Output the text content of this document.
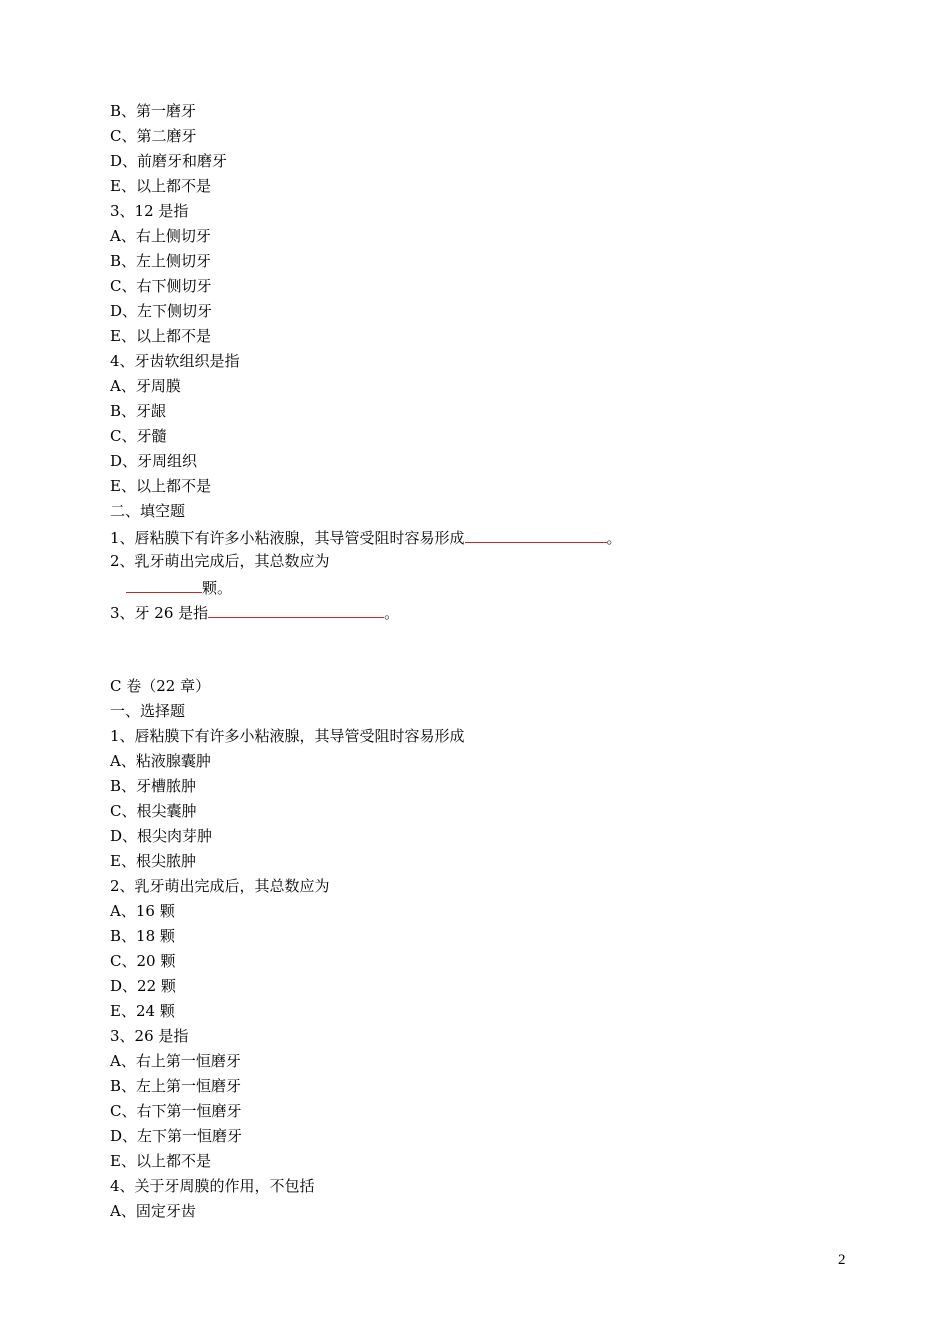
B、第一磨牙
C、第二磨牙
D、前磨牙和磨牙
E、以上都不是
3、12 是指
A、右上侧切牙
B、左上侧切牙
C、右下侧切牙
D、左下侧切牙
E、以上都不是
4、牙齿软组织是指
A、牙周膜
B、牙龈
C、牙髓
D、牙周组织
E、以上都不是
二、填空题
1、唇粘膜下有许多小粘液腺，其导管受阻时容易形成	。
2、乳牙萌出完成后，其总数应为
颗。
3、牙 26 是指	。
C 卷（22 章）
一、选择题
1、唇粘膜下有许多小粘液腺，其导管受阻时容易形成
A、粘液腺囊肿
B、牙槽脓肿
C、根尖囊肿
D、根尖肉芽肿
E、根尖脓肿
2、乳牙萌出完成后，其总数应为
A、16 颗
B、18 颗
C、20 颗
D、22 颗
E、24 颗
3、26 是指
A、右上第一恒磨牙
B、左上第一恒磨牙
C、右下第一恒磨牙
D、左下第一恒磨牙
E、以上都不是
4、关于牙周膜的作用，不包括
A、固定牙齿
2
